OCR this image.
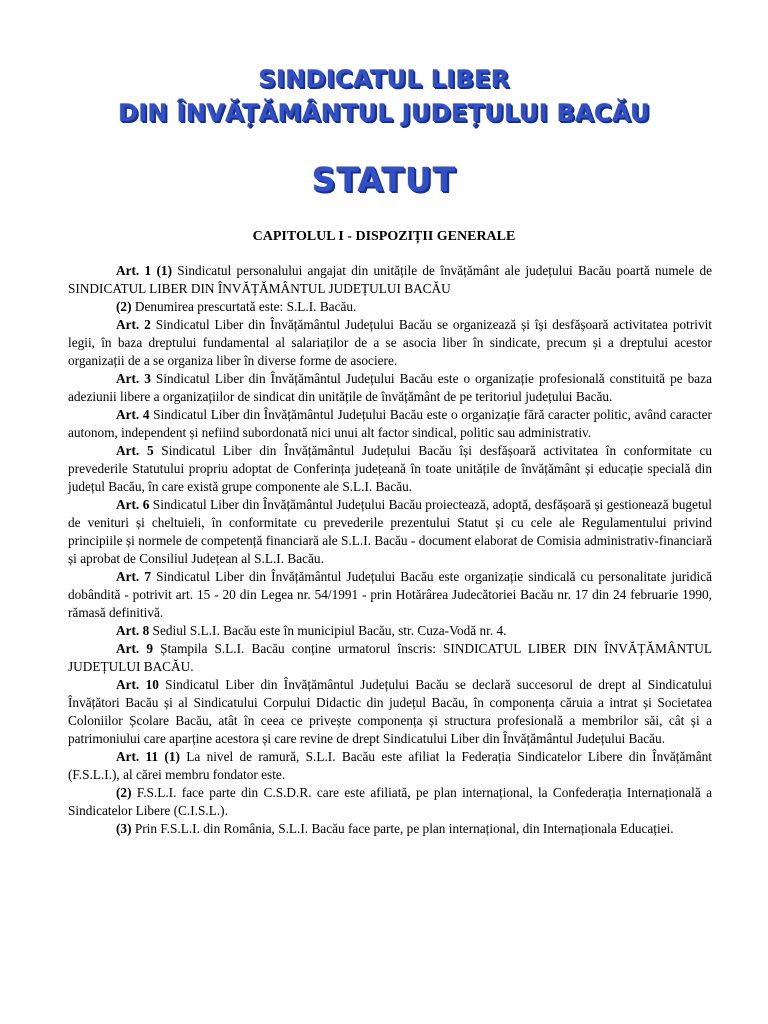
SINDICATUL LIBER
DIN ÎNVĂȚĂMÂNTUL JUDEȚULUI BACĂU
STATUT
CAPITOLUL I - DISPOZIȚII GENERALE

Art. 1 (1) Sindicatul personalului angajat din unitățile de învățământ ale județului Bacău poartă numele de SINDICATUL LIBER DIN ÎNVĂȚĂMÂNTUL JUDEȚULUI BACĂU

(2) Denumirea prescurtată este: S.L.I. Bacău.

Art. 2 Sindicatul Liber din Învățământul Județului Bacău se organizează și își desfășoară activitatea potrivit legii, în baza dreptului fundamental al salariaților de a se asocia liber în sindicate, precum și a dreptului acestor organizații de a se organiza liber în diverse forme de asociere.

Art. 3 Sindicatul Liber din Învățământul Județului Bacău este o organizație profesională constituită pe baza adeziunii libere a organizațiilor de sindicat din unitățile de învățământ de pe teritoriul județului Bacău.

Art. 4 Sindicatul Liber din Învățământul Județului Bacău este o organizație fără caracter politic, având caracter autonom, independent și nefiind subordonată nici unui alt factor sindical, politic sau administrativ.

Art. 5 Sindicatul Liber din Învățământul Județului Bacău își desfășoară activitatea în conformitate cu prevederile Statutului propriu adoptat de Conferința județeană în toate unitățile de învățământ și educație specială din județul Bacău, în care există grupe componente ale S.L.I. Bacău.

Art. 6 Sindicatul Liber din Învățământul Județului Bacău proiectează, adoptă, desfășoară și gestionează bugetul de venituri și cheltuieli, în conformitate cu prevederile prezentului Statut și cu cele ale Regulamentului privind principiile și normele de competență financiară ale S.L.I. Bacău - document elaborat de Comisia administrativ-financiară și aprobat de Consiliul Județean al S.L.I. Bacău.

Art. 7 Sindicatul Liber din Învățământul Județului Bacău este organizație sindicală cu personalitate juridică dobândită - potrivit art. 15 - 20 din Legea nr. 54/1991 - prin Hotărârea Judecătoriei Bacău nr. 17 din 24 februarie 1990, rămasă definitivă.

Art. 8 Sediul S.L.I. Bacău este în municipiul Bacău, str. Cuza-Vodă nr. 4.

Art. 9 Ștampila S.L.I. Bacău conține urmatorul înscris: SINDICATUL LIBER DIN ÎNVĂȚĂMÂNTUL JUDEȚULUI BACĂU.

Art. 10 Sindicatul Liber din Învățământul Județului Bacău se declară succesorul de drept al Sindicatului Învățători Bacău și al Sindicatului Corpului Didactic din județul Bacău, în componența căruia a intrat și Societatea Coloniilor Școlare Bacău, atât în ceea ce privește componența și structura profesională a membrilor săi, cât și a patrimoniului care aparține acestora și care revine de drept Sindicatului Liber din Învățământul Județului Bacău.

Art. 11 (1) La nivel de ramură, S.L.I. Bacău este afiliat la Federația Sindicatelor Libere din Învățământ (F.S.L.I.), al cărei membru fondator este.

(2) F.S.L.I. face parte din C.S.D.R. care este afiliată, pe plan internațional, la Confederația Internațională a Sindicatelor Libere (C.I.S.L.).

(3) Prin F.S.L.I. din România, S.L.I. Bacău face parte, pe plan internațional, din Internaționala Educației.
